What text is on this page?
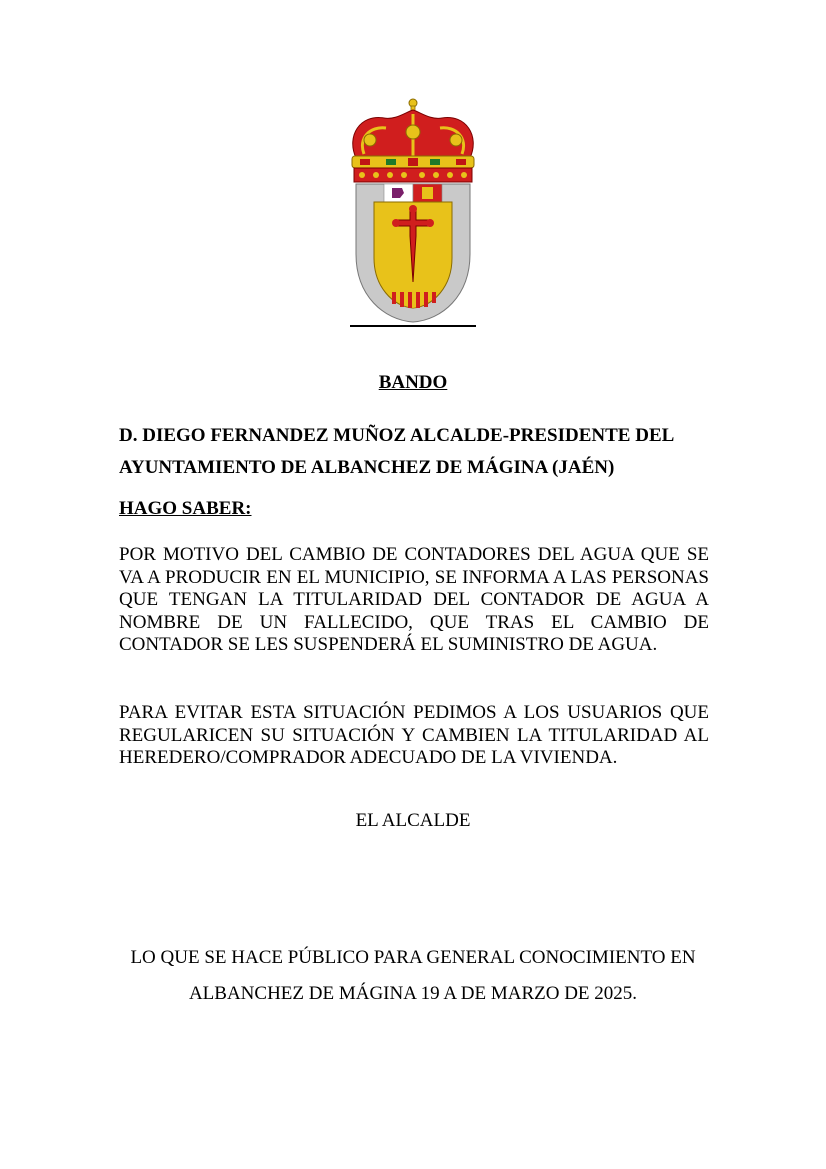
BANDO
D. DIEGO FERNANDEZ MUÑOZ ALCALDE-PRESIDENTE DEL AYUNTAMIENTO DE ALBANCHEZ DE MÁGINA (JAÉN)
HAGO SABER:
POR MOTIVO DEL CAMBIO DE CONTADORES DEL AGUA QUE SE VA A PRODUCIR EN EL MUNICIPIO, SE INFORMA A LAS PERSONAS QUE TENGAN LA TITULARIDAD DEL CONTADOR DE AGUA A NOMBRE DE UN FALLECIDO, QUE TRAS EL CAMBIO DE CONTADOR SE LES SUSPENDERÁ EL SUMINISTRO DE AGUA.
PARA EVITAR ESTA SITUACIÓN PEDIMOS A LOS USUARIOS QUE REGULARICEN SU SITUACIÓN Y CAMBIEN LA TITULARIDAD AL HEREDERO/COMPRADOR ADECUADO DE LA VIVIENDA.
EL ALCALDE
LO QUE SE HACE PÚBLICO PARA GENERAL CONOCIMIENTO EN ALBANCHEZ DE MÁGINA 19 A DE MARZO DE 2025.
